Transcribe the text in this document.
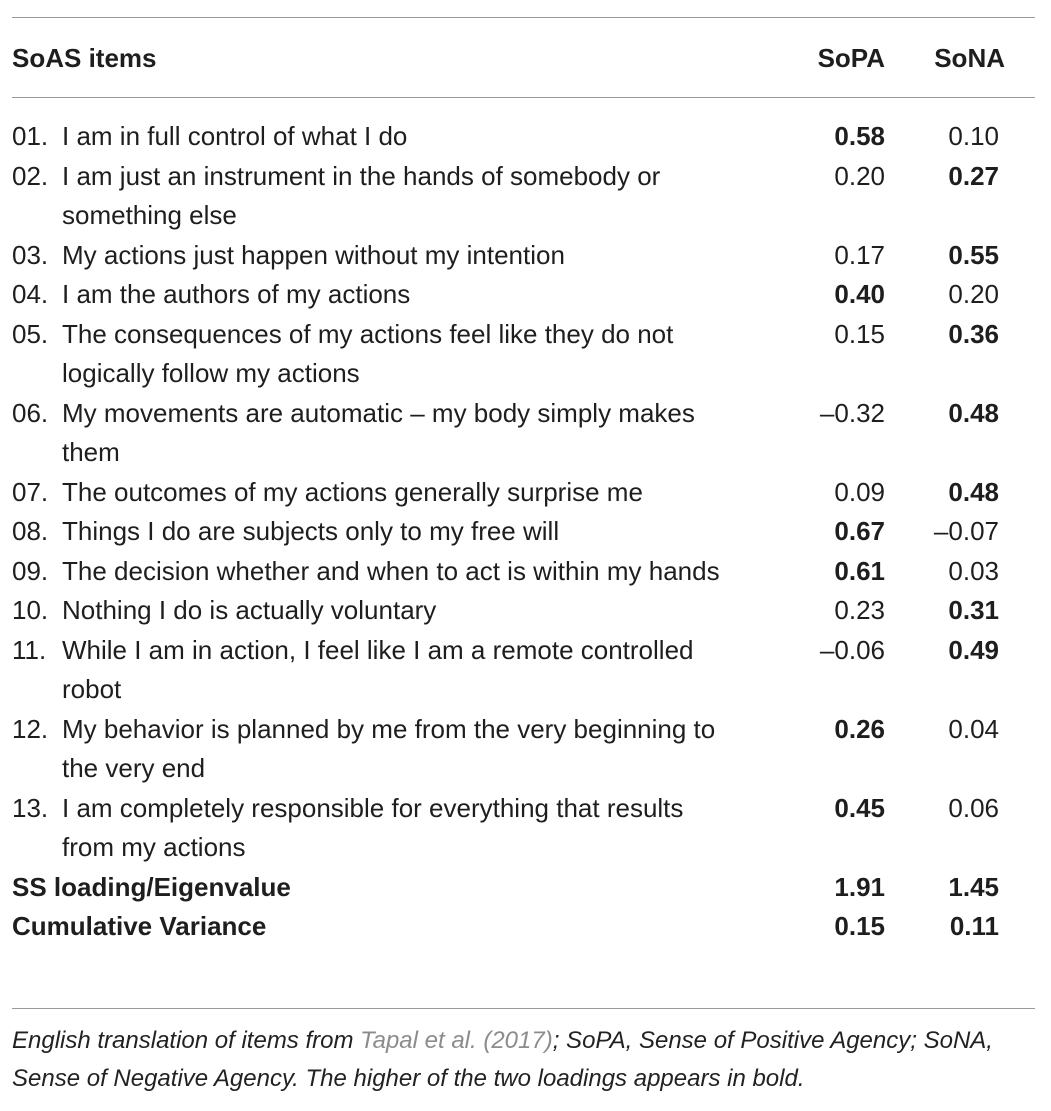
SoAS items	SoPA	SoNA

01. I am in full control of what I do	0.58	0.10

02. I am just an instrument in the hands of somebody or something else	0.20	0.27

03. My actions just happen without my intention	0.17	0.55

04. I am the authors of my actions	0.40	0.20

05. The consequences of my actions feel like they do not logically follow my actions	0.15	0.36

06. My movements are automatic – my body simply makes them	–0.32	0.48

07. The outcomes of my actions generally surprise me	0.09	0.48

08. Things I do are subjects only to my free will	0.67	–0.07

09. The decision whether and when to act is within my hands	0.61	0.03

10. Nothing I do is actually voluntary	0.23	0.31

11. While I am in action, I feel like I am a remote controlled robot	–0.06	0.49

12. My behavior is planned by me from the very beginning to the very end	0.26	0.04

13. I am completely responsible for everything that results from my actions	0.45	0.06
SS loading/Eigenvalue	1.91	1.45
Cumulative Variance	0.15	0.11
English translation of items from Tapal et al. (2017); SoPA, Sense of Positive Agency; SoNA, Sense of Negative Agency. The higher of the two loadings appears in bold.
